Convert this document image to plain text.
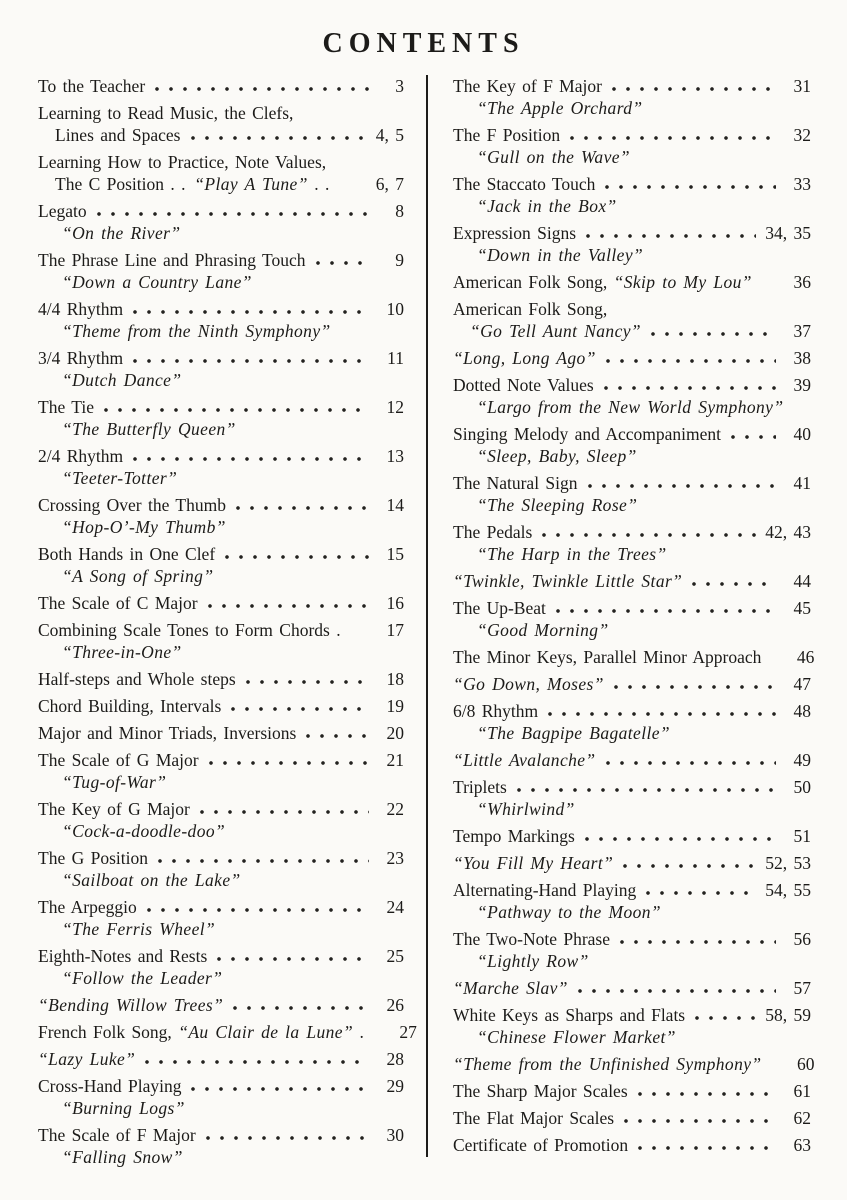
CONTENTS
To the Teacher	3
Learning to Read Music, the Clefs,
Lines and Spaces	4, 5
Learning How to Practice, Note Values,
The C Position . . “Play A Tune” . .	6, 7
Legato	8
“On the River”
The Phrase Line and Phrasing Touch	9
“Down a Country Lane”
4/4 Rhythm	10
“Theme from the Ninth Symphony”
3/4 Rhythm	11
“Dutch Dance”
The Tie	12
“The Butterfly Queen”
2/4 Rhythm	13
“Teeter-Totter”
Crossing Over the Thumb	14
“Hop-O’-My Thumb”
Both Hands in One Clef	15
“A Song of Spring”
The Scale of C Major	16
Combining Scale Tones to Form Chords .	17
“Three-in-One”
Half-steps and Whole steps	18
Chord Building, Intervals	19
Major and Minor Triads, Inversions	20
The Scale of G Major	21
“Tug-of-War”
The Key of G Major	22
“Cock-a-doodle-doo”
The G Position	23
“Sailboat on the Lake”
The Arpeggio	24
“The Ferris Wheel”
Eighth-Notes and Rests	25
“Follow the Leader”
“Bending Willow Trees”	26
French Folk Song, “Au Clair de la Lune” .	27
“Lazy Luke”	28
Cross-Hand Playing	29
“Burning Logs”
The Scale of F Major	30
“Falling Snow”
The Key of F Major	31
“The Apple Orchard”
The F Position	32
“Gull on the Wave”
The Staccato Touch	33
“Jack in the Box”
Expression Signs	34, 35
“Down in the Valley”
American Folk Song, “Skip to My Lou”	36
American Folk Song,
“Go Tell Aunt Nancy”	37
“Long, Long Ago”	38
Dotted Note Values	39
“Largo from the New World Symphony”
Singing Melody and Accompaniment	40
“Sleep, Baby, Sleep”
The Natural Sign	41
“The Sleeping Rose”
The Pedals	42, 43
“The Harp in the Trees”
“Twinkle, Twinkle Little Star”	44
The Up-Beat	45
“Good Morning”
The Minor Keys, Parallel Minor Approach	46
“Go Down, Moses”	47
6/8 Rhythm	48
“The Bagpipe Bagatelle”
“Little Avalanche”	49
Triplets	50
“Whirlwind”
Tempo Markings	51
“You Fill My Heart”	52, 53
Alternating-Hand Playing	54, 55
“Pathway to the Moon”
The Two-Note Phrase	56
“Lightly Row”
“Marche Slav”	57
White Keys as Sharps and Flats	58, 59
“Chinese Flower Market”
“Theme from the Unfinished Symphony”	60
The Sharp Major Scales	61
The Flat Major Scales	62
Certificate of Promotion	63
